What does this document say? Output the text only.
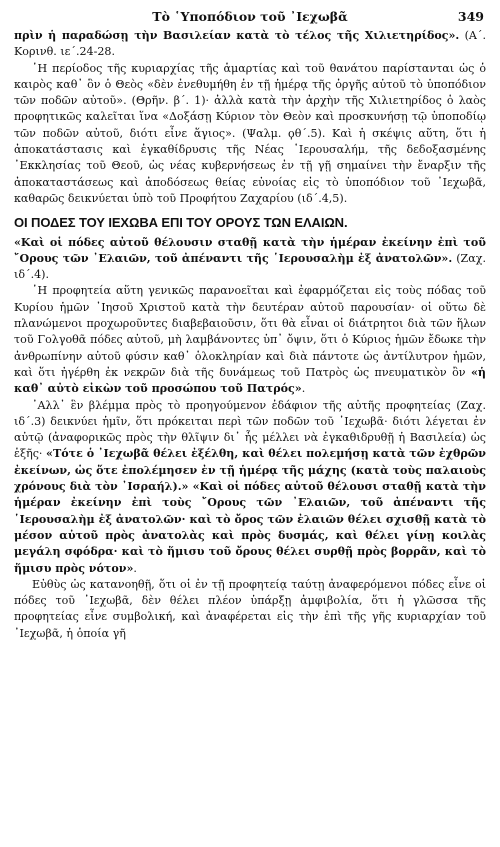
Τὸ ῾Υποπόδιον τοῦ ᾿Ιεχωβᾶ	349

πρὶν ἡ παραδώσῃ τὴν Βασιλείαν κατὰ τὸ τέλος τῆς Χιλιετηρίδος». (Α΄. Κορινθ. ιε΄.24-28.

῾Η περίοδος τῆς κυριαρχίας τῆς ἁμαρτίας καὶ τοῦ θανάτου παρίστανται ὡς ὁ καιρὸς καθ᾿ ὃν ὁ Θεὸς «δὲν ἐνεθυμήθη ἐν τῇ ἡμέρᾳ τῆς ὀργῆς αὐτοῦ τὸ ὑποπόδιον τῶν ποδῶν αὐτοῦ». (Θρῆν. β΄. 1)· ἀλλὰ κατὰ τὴν ἀρχὴν τῆς Χιλιετηρίδος ὁ λαὸς προφητικῶς καλεῖται ἵνα «Δοξάσῃ Κύριον τὸν Θεὸν καὶ προσκυνήσῃ τῷ ὑποποδίῳ τῶν ποδῶν αὐτοῦ, διότι εἶνε ἅγιος». (Ψαλμ. ϙθ΄.5). Καὶ ἡ σκέψις αὕτη, ὅτι ἡ ἀποκατάστασις καὶ ἐγκαθίδρυσις τῆς Νέας ῾Ιερουσαλήμ, τῆς δεδοξασμένης ᾿Εκκλησίας τοῦ Θεοῦ, ὡς νέας κυβερνήσεως ἐν τῇ γῇ σημαίνει τὴν ἔναρξιν τῆς ἀποκαταστάσεως καὶ ἀποδόσεως θείας εὐνοίας εἰς τὸ ὑποπόδιον τοῦ ᾿Ιεχωβᾶ, καθαρῶς δεικνύεται ὑπὸ τοῦ Προφήτου Ζαχαρίου (ιδ΄.4,5).

ΟΙ ΠΟΔΕΣ ΤΟΥ ΙΕΧΩΒΑ ΕΠΙ ΤΟΥ ΟΡΟΥΣ ΤΩΝ ΕΛΑΙΩΝ.

«Καὶ οἱ πόδες αὐτοῦ θέλουσιν σταθῇ κατὰ τὴν ἡμέραν ἐκείνην ἐπὶ τοῦ ῎Ορους τῶν ᾿Ελαιῶν, τοῦ ἀπέναντι τῆς ῾Ιερουσαλὴμ ἐξ ἀνατολῶν». (Ζαχ. ιδ΄.4).

῾Η προφητεία αὕτη γενικῶς παρανοεῖται καὶ ἐφαρμόζεται εἰς τοὺς πόδας τοῦ Κυρίου ἡμῶν ᾿Ιησοῦ Χριστοῦ κατὰ τὴν δευτέραν αὐτοῦ παρουσίαν· οἱ οὕτω δὲ πλανώμενοι προχωροῦντες διαβεβαιοῦσιν, ὅτι θὰ εἶναι οἱ διάτρητοι διὰ τῶν ἥλων τοῦ Γολγοθᾶ πόδες αὐτοῦ, μὴ λαμβάνοντες ὑπ᾿ ὄψιν, ὅτι ὁ Κύριος ἡμῶν ἔδωκε τὴν ἀνθρωπίνην αὐτοῦ φύσιν καθ᾿ ὁλοκληρίαν καὶ διὰ πάντοτε ὡς ἀντίλυτρον ἡμῶν, καὶ ὅτι ἠγέρθη ἐκ νεκρῶν διὰ τῆς δυνάμεως τοῦ Πατρὸς ὡς πνευματικὸν ὂν «ἡ καθ᾿ αὐτὸ εἰκὼν τοῦ προσώπου τοῦ Πατρός».

᾿Αλλ᾿ ἓν βλέμμα πρὸς τὸ προηγούμενον ἐδάφιον τῆς αὐτῆς προφητείας (Ζαχ. ιδ΄.3) δεικνύει ἡμῖν, ὅτι πρόκειται περὶ τῶν ποδῶν τοῦ ᾿Ιεχωβᾶ· διότι λέγεται ἐν αὐτῷ (ἀναφορικῶς πρὸς τὴν θλῖψιν δι᾿ ἧς μέλλει νὰ ἐγκαθιδρυθῇ ἡ Βασιλεία) ὡς ἑξῆς· «Τότε ὁ ᾿Ιεχωβᾶ θέλει ἐξέλθη, καὶ θέλει πολεμήσῃ κατὰ τῶν ἐχθρῶν ἐκείνων, ὡς ὅτε ἐπολέμησεν ἐν τῇ ἡμέρᾳ τῆς μάχης (κατὰ τοὺς παλαιοὺς χρόνους διὰ τὸν ᾿Ισραήλ).» «Καὶ οἱ πόδες αὐτοῦ θέλουσι σταθῇ κατὰ τὴν ἡμέραν ἐκείνην ἐπὶ τοὺς ῎Ορους τῶν ᾿Ελαιῶν, τοῦ ἀπέναντι τῆς ῾Ιερουσαλὴμ ἐξ ἀνατολῶν· καὶ τὸ ὄρος τῶν ἐλαιῶν θέλει σχισθῇ κατὰ τὸ μέσον αὐτοῦ πρὸς ἀνατολὰς καὶ πρὸς δυσμάς, καὶ θέλει γίνῃ κοιλὰς μεγάλη σφόδρα· καὶ τὸ ἥμισυ τοῦ ὄρους θέλει συρθῇ πρὸς βορρᾶν, καὶ τὸ ἥμισυ πρὸς νότον».

Εὐθὺς ὡς κατανοηθῇ, ὅτι οἱ ἐν τῇ προφητείᾳ ταύτῃ ἀναφερόμενοι πόδες εἶνε οἱ πόδες τοῦ ᾿Ιεχωβᾶ, δὲν θέλει πλέον ὑπάρξῃ ἀμφιβολία, ὅτι ἡ γλῶσσα τῆς προφητείας εἶνε συμβολική, καὶ ἀναφέρεται εἰς τὴν ἐπὶ τῆς γῆς κυριαρχίαν τοῦ ᾿Ιεχωβᾶ, ἡ ὁποία γῆ
